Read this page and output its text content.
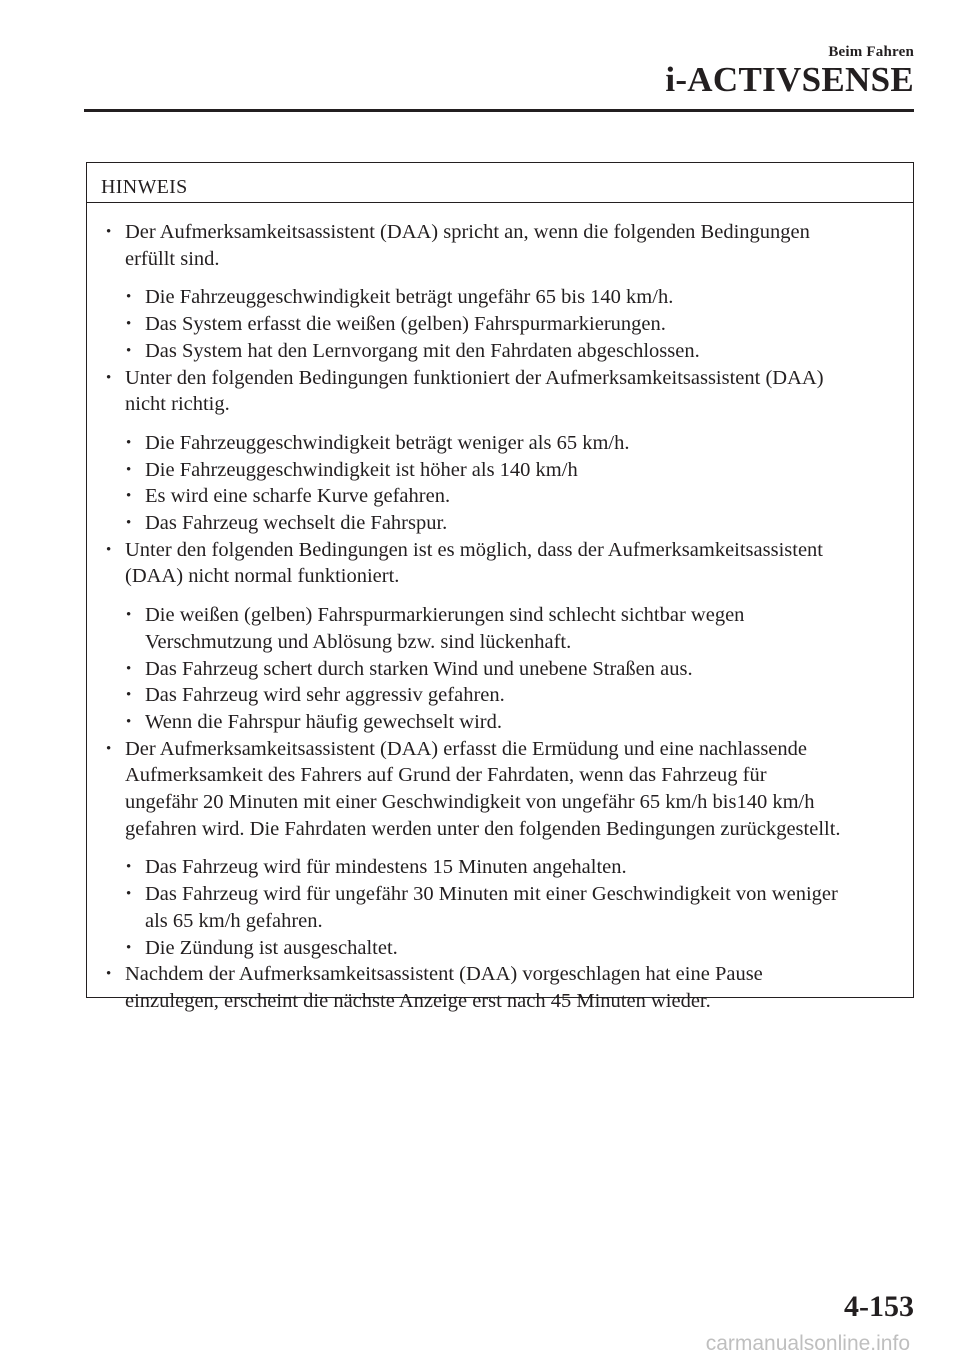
Beim Fahren
i-ACTIVSENSE
HINWEIS
• Der Aufmerksamkeitsassistent (DAA) spricht an, wenn die folgenden Bedingungen
erfüllt sind.
• Die Fahrzeuggeschwindigkeit beträgt ungefähr 65 bis 140 km/h.
• Das System erfasst die weißen (gelben) Fahrspurmarkierungen.
• Das System hat den Lernvorgang mit den Fahrdaten abgeschlossen.
• Unter den folgenden Bedingungen funktioniert der Aufmerksamkeitsassistent (DAA)
nicht richtig.
• Die Fahrzeuggeschwindigkeit beträgt weniger als 65 km/h.
• Die Fahrzeuggeschwindigkeit ist höher als 140 km/h
• Es wird eine scharfe Kurve gefahren.
• Das Fahrzeug wechselt die Fahrspur.
• Unter den folgenden Bedingungen ist es möglich, dass der Aufmerksamkeitsassistent
(DAA) nicht normal funktioniert.
• Die weißen (gelben) Fahrspurmarkierungen sind schlecht sichtbar wegen
Verschmutzung und Ablösung bzw. sind lückenhaft.
• Das Fahrzeug schert durch starken Wind und unebene Straßen aus.
• Das Fahrzeug wird sehr aggressiv gefahren.
• Wenn die Fahrspur häufig gewechselt wird.
• Der Aufmerksamkeitsassistent (DAA) erfasst die Ermüdung und eine nachlassende
Aufmerksamkeit des Fahrers auf Grund der Fahrdaten, wenn das Fahrzeug für
ungefähr 20 Minuten mit einer Geschwindigkeit von ungefähr 65 km/h bis140 km/h
gefahren wird. Die Fahrdaten werden unter den folgenden Bedingungen zurückgestellt.
• Das Fahrzeug wird für mindestens 15 Minuten angehalten.
• Das Fahrzeug wird für ungefähr 30 Minuten mit einer Geschwindigkeit von weniger
als 65 km/h gefahren.
• Die Zündung ist ausgeschaltet.
• Nachdem der Aufmerksamkeitsassistent (DAA) vorgeschlagen hat eine Pause
einzulegen, erscheint die nächste Anzeige erst nach 45 Minuten wieder.
4-153
carmanualsonline.info
